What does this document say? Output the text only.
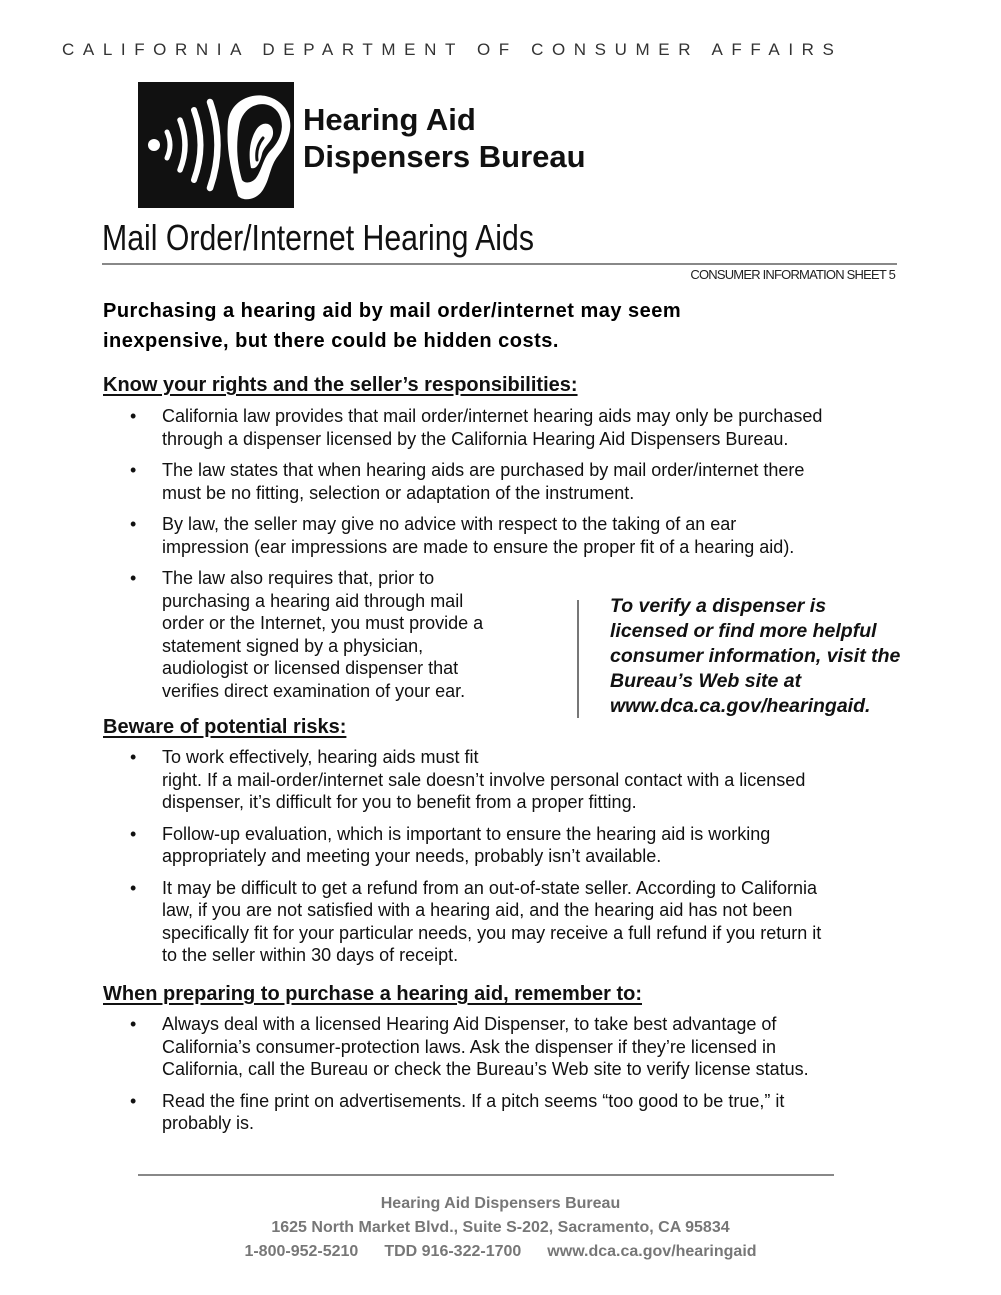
CALIFORNIA DEPARTMENT OF CONSUMER AFFAIRS
Hearing Aid
Dispensers Bureau
Mail Order/Internet Hearing Aids
CONSUMER INFORMATION SHEET 5
Purchasing a hearing aid by mail order/internet may seem
inexpensive, but there could be hidden costs.
Know your rights and the seller’s responsibilities:
• California law provides that mail order/internet hearing aids may only be purchased
through a dispenser licensed by the California Hearing Aid Dispensers Bureau.
• The law states that when hearing aids are purchased by mail order/internet there
must be no fitting, selection or adaptation of the instrument.
• By law, the seller may give no advice with respect to the taking of an ear
impression (ear impressions are made to ensure the proper fit of a hearing aid).
• The law also requires that, prior to
purchasing a hearing aid through mail
order or the Internet, you must provide a
statement signed by a physician,
audiologist or licensed dispenser that
verifies direct examination of your ear.
To verify a dispenser is
licensed or find more helpful
consumer information, visit the
Bureau’s Web site at
www.dca.ca.gov/hearingaid.
Beware of potential risks:
• To work effectively, hearing aids must fit
right. If a mail-order/internet sale doesn’t involve personal contact with a licensed
dispenser, it’s difficult for you to benefit from a proper fitting.
• Follow-up evaluation, which is important to ensure the hearing aid is working
appropriately and meeting your needs, probably isn’t available.
• It may be difficult to get a refund from an out-of-state seller. According to California
law, if you are not satisfied with a hearing aid, and the hearing aid has not been
specifically fit for your particular needs, you may receive a full refund if you return it
to the seller within 30 days of receipt.
When preparing to purchase a hearing aid, remember to:
• Always deal with a licensed Hearing Aid Dispenser, to take best advantage of
California’s consumer-protection laws. Ask the dispenser if they’re licensed in
California, call the Bureau or check the Bureau’s Web site to verify license status.
• Read the fine print on advertisements. If a pitch seems “too good to be true,” it
probably is.
Hearing Aid Dispensers Bureau
1625 North Market Blvd., Suite S-202, Sacramento, CA 95834
1-800-952-5210 TDD 916-322-1700 www.dca.ca.gov/hearingaid
